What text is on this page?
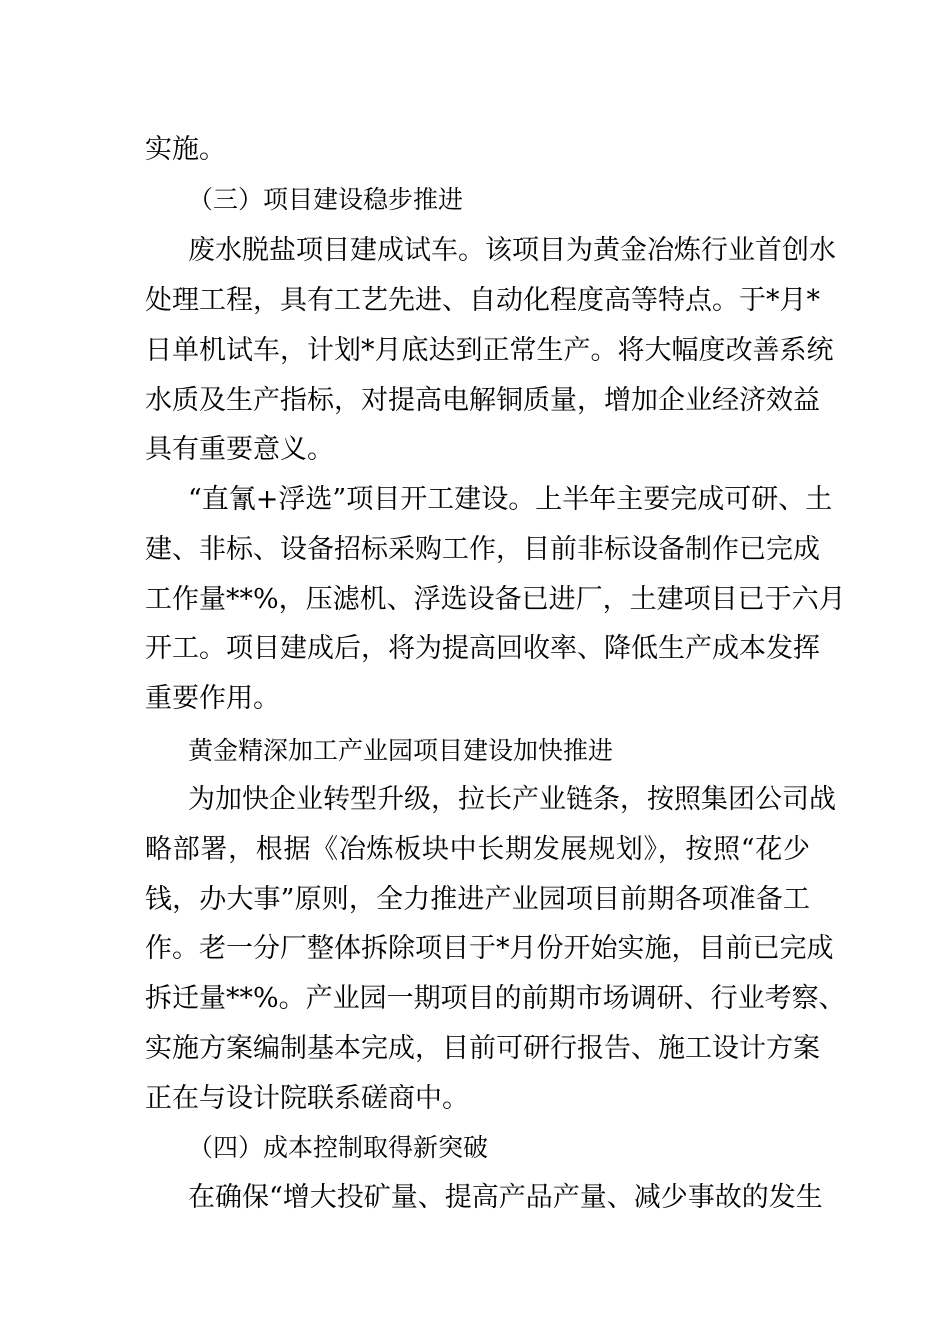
实施。
（三）项目建设稳步推进
废水脱盐项目建成试车。该项目为黄金冶炼行业首创水
处理工程，具有工艺先进、自动化程度高等特点。于*月*
日单机试车，计划*月底达到正常生产。将大幅度改善系统
水质及生产指标，对提高电解铜质量，增加企业经济效益
具有重要意义。
“直氰+浮选”项目开工建设。上半年主要完成可研、土
建、非标、设备招标采购工作，目前非标设备制作已完成
工作量**%，压滤机、浮选设备已进厂，土建项目已于六月
开工。项目建成后，将为提高回收率、降低生产成本发挥
重要作用。
黄金精深加工产业园项目建设加快推进
为加快企业转型升级，拉长产业链条，按照集团公司战
略部署，根据《冶炼板块中长期发展规划》，按照“花少
钱，办大事”原则，全力推进产业园项目前期各项准备工
作。老一分厂整体拆除项目于*月份开始实施，目前已完成
拆迁量**%。产业园一期项目的前期市场调研、行业考察、
实施方案编制基本完成，目前可研行报告、施工设计方案
正在与设计院联系磋商中。
（四）成本控制取得新突破
在确保“增大投矿量、提高产品产量、减少事故的发生
